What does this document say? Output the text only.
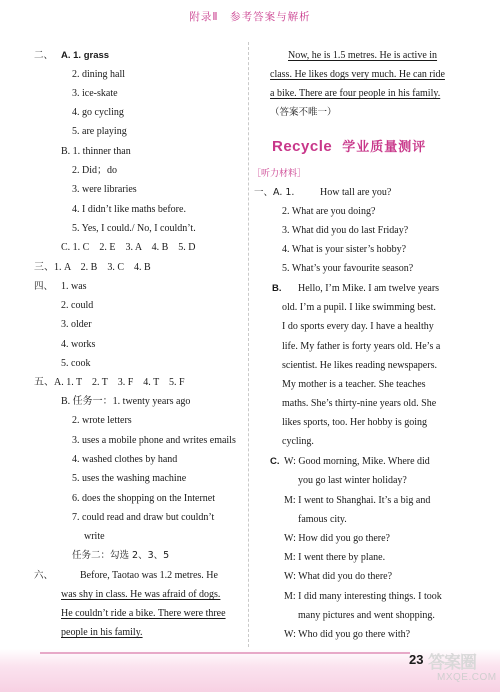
附录Ⅱ　参考答案与解析
二、 A. 1. grass
2. dining hall
3. ice-skate
4. go cycling
5. are playing
B. 1. thinner than
2. Did；do
3. were libraries
4. I didn’t like maths before.
5. Yes, I could./ No, I couldn’t.
C. 1. C　2. E　3. A　4. B　5. D
三、1. A　2. B　3. C　4. B
四、 1. was
2. could
3. older
4. works
5. cook
五、A. 1. T　2. T　3. F　4. T　5. F
B. 任务一：1. twenty years ago
2. wrote letters
3. uses a mobile phone and writes emails
4. washed clothes by hand
5. uses the washing machine
6. does the shopping on the Internet
7. could read and draw but couldn’t
write
任务二：勾选 2、3、5
六、	Before, Taotao was 1.2 metres. He
was shy in class. He was afraid of dogs.
He couldn’t ride a bike. There were three
people in his family.
Now, he is 1.5 metres. He is active in
class. He likes dogs very much. He can ride
a bike. There are four people in his family.
（答案不唯一）
Recycle 学业质量测评
［听力材料］
一、A. 1.	How tall are you?
2. What are you doing?
3. What did you do last Friday?
4. What is your sister’s hobby?
5. What’s your favourite season?
B. Hello, I’m Mike. I am twelve years
old. I’m a pupil. I like swimming best.
I do sports every day. I have a healthy
life. My father is forty years old. He’s a
scientist. He likes reading newspapers.
My mother is a teacher. She teaches
maths. She’s thirty-nine years old. She
likes sports, too. Her hobby is going
cycling.
C. W: Good morning, Mike. Where did
you go last winter holiday?
M: I went to Shanghai. It’s a big and
famous city.
W: How did you go there?
M: I went there by plane.
W: What did you do there?
M: I did many interesting things. I took
many pictures and went shopping.
W: Who did you go there with?
23 答案圈
MXQE.COM
